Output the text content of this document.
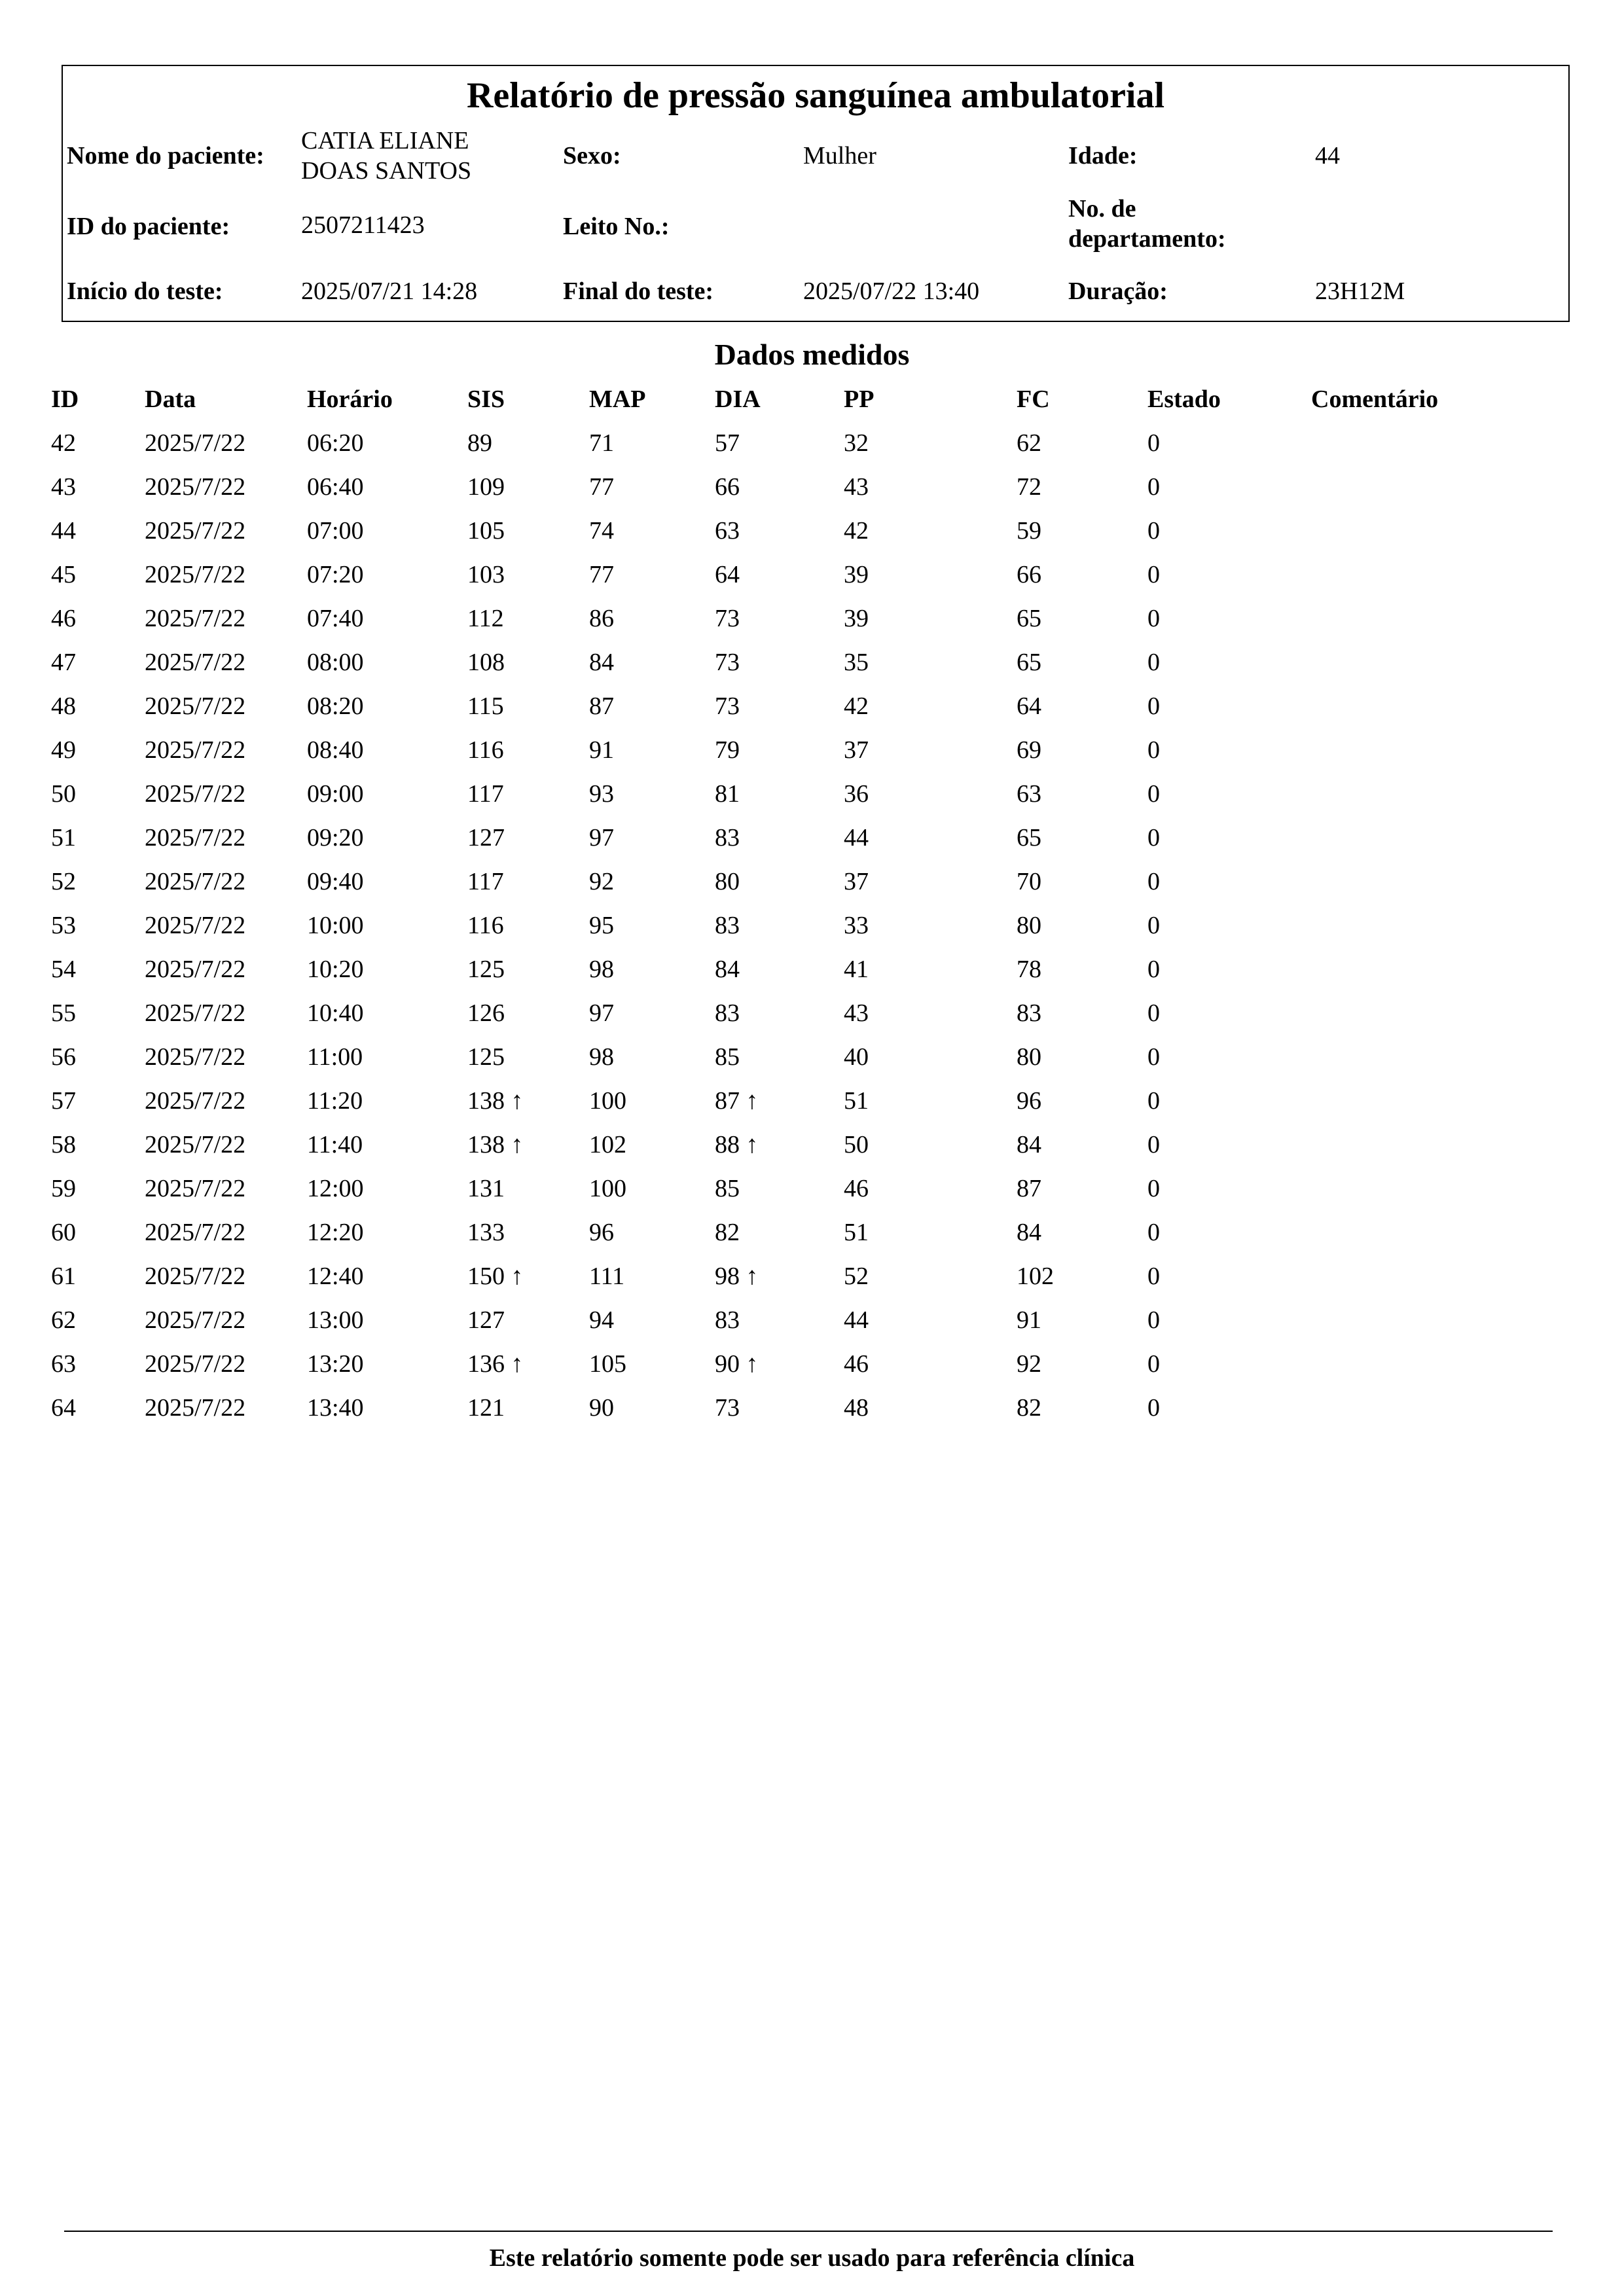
Relatório de pressão sanguínea ambulatorial
Nome do paciente:
CATIA ELIANE
DOAS SANTOS
Sexo:	Mulher	Idade:	44
ID do paciente:	2507211423	Leito No.:
No. de
departamento:
Início do teste:	2025/07/21 14:28	Final do teste:	2025/07/22 13:40	Duração:	23H12M
Dados medidos
ID	Data	Horário	SIS	MAP	DIA	PP	FC	Estado	Comentário
42	2025/7/22 06:20	89	71	57	32	62	0
43	2025/7/22 06:40	109	77	66	43	72	0
44	2025/7/22 07:00	105	74	63	42	59	0
45	2025/7/22 07:20	103	77	64	39	66	0
46	2025/7/22 07:40	112	86	73	39	65	0
47	2025/7/22 08:00	108	84	73	35	65	0
48	2025/7/22 08:20	115	87	73	42	64	0
49	2025/7/22 08:40	116	91	79	37	69	0
50	2025/7/22 09:00	117	93	81	36	63	0
51	2025/7/22 09:20	127	97	83	44	65	0
52	2025/7/22 09:40	117	92	80	37	70	0
53	2025/7/22 10:00	116	95	83	33	80	0
54	2025/7/22 10:20	125	98	84	41	78	0
55	2025/7/22 10:40	126	97	83	43	83	0
56	2025/7/22 11:00	125	98	85	40	80	0
57	2025/7/22 11:20	138 ↑	100	87 ↑	51	96	0
58	2025/7/22 11:40	138 ↑	102	88 ↑	50	84	0
59	2025/7/22 12:00	131	100	85	46	87	0
60	2025/7/22 12:20	133	96	82	51	84	0
61	2025/7/22 12:40	150 ↑	111	98 ↑	52	102	0
62	2025/7/22 13:00	127	94	83	44	91	0
63	2025/7/22 13:20	136 ↑	105	90 ↑	46	92	0
64	2025/7/22 13:40	121	90	73	48	82	0
Este relatório somente pode ser usado para referência clínica
